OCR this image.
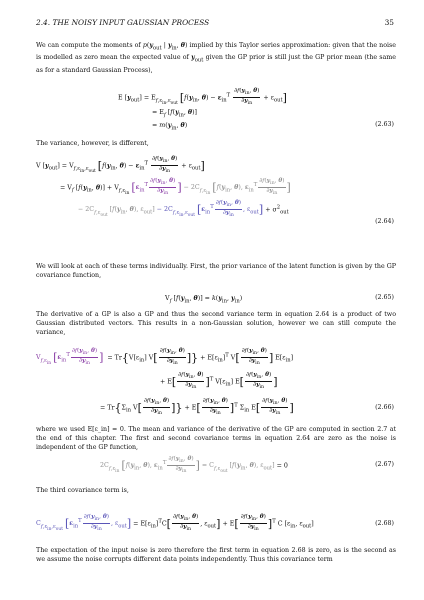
2.4. THE NOISY INPUT GAUSSIAN PROCESS	35

We can compute the moments of $p(y_{out}$ | $y_{in}$, θ) implied by this Taylor series approximation: given that the noise is modelled as zero mean the expected value of $y_{out}$ given the GP prior is still just the GP prior mean (the same as for a standard Gaussian Process),

E $[y_{out}] = E_{f,\varepsilon_{in},\varepsilon_{out}}$ [$f(y_{in}$, $\theta) - \varepsilon_{in}^T \frac{\partial f(y_{in}, \theta)}{\partial y_{in}} + \varepsilon_{out}$]
= $E_f$ [$f(y_{in}$, θ)]
= $m(y_{in}$, θ)	(2.63)

The variance, however, is different,

V $[y_{out}] = V_{f,\varepsilon_{in},\varepsilon_{out}}$ [$f(y_{in}$, $\theta) - \varepsilon_{in}^T \frac{\partial f(y_{in}, \theta)}{\partial y_{in}} + \varepsilon_{out}$]
= $V_f$ [$f(y_{in}$, $\theta)] + V_{f,\varepsilon_{in}}$ [$\varepsilon_{in}^T \frac{\partial f(y_{in}, \theta)}{\partial y_{in}}$ ] − $2C_{f,\varepsilon_{in}}$ [$f(y_{in}$, θ), $\varepsilon_{in}^T \frac{\partial f(y_{in}, \theta)}{\partial y_{in}}$ ]
− $2C_{f,\varepsilon_{out}}$ [$f(y_{in}$, θ), $\varepsilon_{out}] - 2C_{f,\varepsilon_{in},\varepsilon_{out}}$ [$\varepsilon_{in}^T \frac{\partial f(y_{in}, \theta)}{\partial y_{in}}$ , $\varepsilon_{out}] + \sigma^2_{out}$
(2.64)

We will look at each of these terms individually. First, the prior variance of the latent function is given by the GP covariance function,

$V_f$ [$f(y_{in}$, $\theta)] = k(y_{in}$, $y_{in}$)	(2.65)

The derivative of a GP is also a GP and thus the second variance term in equation 2.64 is a product of two Gaussian distributed vectors. This results in a non-Gaussian solution, however we can still compute the variance,

$V_{f,\varepsilon_{in}}$ [$\varepsilon_{in}^T \frac{\partial f(y_{in}, \theta)}{\partial y_{in}}$ ]  = $Tr\{V[\varepsilon_{in}]$ $V[ \frac{\partial f(y_{in}, \theta)}{\partial y_{in}}$ ]} + $E[\varepsilon_{in}]^T$ $V[ \frac{\partial f(y_{in}, \theta)}{\partial y_{in}}$ ] $E[\varepsilon_{in}]$
+ $E[ \frac{\partial f(y_{in}, \theta)}{\partial y_{in}} ]^T$ $V[\varepsilon_{in}]$ $E[ \frac{\partial f(y_{in}, \theta)}{\partial y_{in}}$ ]
= $Tr\{\Sigma_{in}$ $V[ \frac{\partial f(y_{in}, \theta)}{\partial y_{in}}$ ]} + $E[ \frac{\partial f(y_{in}, \theta)}{\partial y_{in}} ]^T$ $\Sigma_{in}$ $E[ \frac{\partial f(y_{in}, \theta)}{\partial y_{in}}$ ]	(2.66)

where we used E[ε_in] = 0. The mean and variance of the derivative of the GP are computed in section 2.7 at the end of this chapter. The first and second covariance terms in equation 2.64 are zero as the noise is independent of the GP function,

$2C_{f,\varepsilon_{in}}$ [$f(y_{in}$, θ), $\varepsilon_{in}^T \frac{\partial f(y_{in}, \theta)}{\partial y_{in}}$ ] = $C_{f,\varepsilon_{out}}$ [$f(y_{in}$, θ), $\varepsilon_{out}] = 0$	(2.67)

The third covariance term is,

$C_{f,\varepsilon_{in},\varepsilon_{out}}$ [$\varepsilon_{in}^T \frac{\partial f(y_{in}, \theta)}{\partial y_{in}}$ , $\varepsilon_{out}] = E[\varepsilon_{in}]^TC[ \frac{\partial f(y_{in}, \theta)}{\partial y_{in}}$ , $\varepsilon_{out}] + E[ \frac{\partial f(y_{in}, \theta)}{\partial y_{in}} ]^T$ C [$\varepsilon_{in}$, $\varepsilon_{out}$]	(2.68)

The expectation of the input noise is zero therefore the first term in equation 2.68 is zero, as is the second as we assume the noise corrupts different data points independently. Thus this covariance term
